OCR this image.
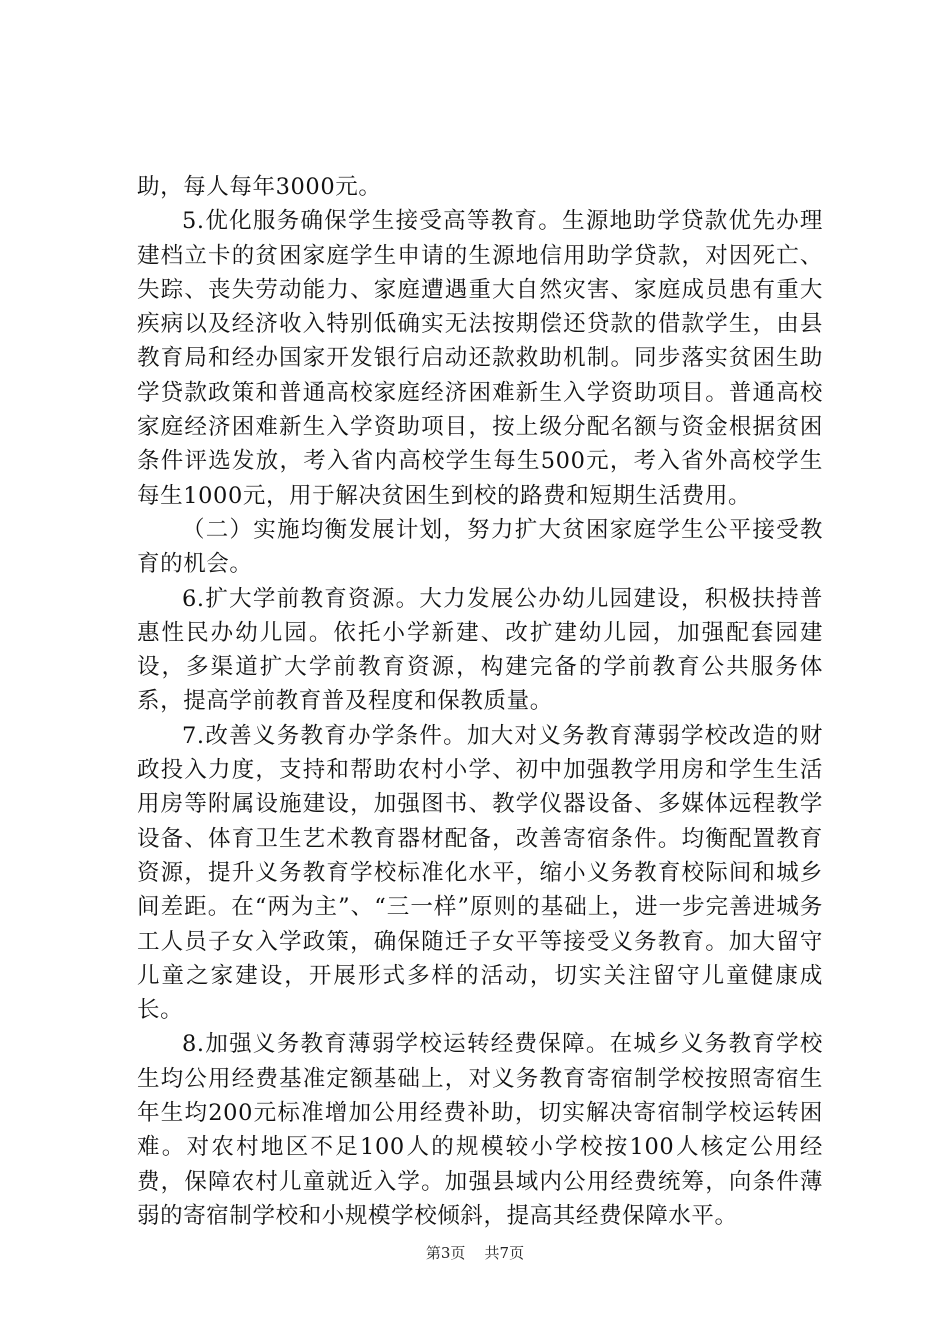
助，每人每年3000元。

5.优化服务确保学生接受高等教育。生源地助学贷款优先办理建档立卡的贫困家庭学生申请的生源地信用助学贷款，对因死亡、失踪、丧失劳动能力、家庭遭遇重大自然灾害、家庭成员患有重大疾病以及经济收入特别低确实无法按期偿还贷款的借款学生，由县教育局和经办国家开发银行启动还款救助机制。同步落实贫困生助学贷款政策和普通高校家庭经济困难新生入学资助项目。普通高校家庭经济困难新生入学资助项目，按上级分配名额与资金根据贫困条件评选发放，考入省内高校学生每生500元，考入省外高校学生每生1000元，用于解决贫困生到校的路费和短期生活费用。

（二）实施均衡发展计划，努力扩大贫困家庭学生公平接受教育的机会。

6.扩大学前教育资源。大力发展公办幼儿园建设，积极扶持普惠性民办幼儿园。依托小学新建、改扩建幼儿园，加强配套园建设，多渠道扩大学前教育资源，构建完备的学前教育公共服务体系，提高学前教育普及程度和保教质量。

7.改善义务教育办学条件。加大对义务教育薄弱学校改造的财政投入力度，支持和帮助农村小学、初中加强教学用房和学生生活用房等附属设施建设，加强图书、教学仪器设备、多媒体远程教学设备、体育卫生艺术教育器材配备，改善寄宿条件。均衡配置教育资源，提升义务教育学校标准化水平，缩小义务教育校际间和城乡间差距。在“两为主”、“三一样”原则的基础上，进一步完善进城务工人员子女入学政策，确保随迁子女平等接受义务教育。加大留守儿童之家建设，开展形式多样的活动，切实关注留守儿童健康成长。

8.加强义务教育薄弱学校运转经费保障。在城乡义务教育学校生均公用经费基准定额基础上，对义务教育寄宿制学校按照寄宿生年生均200元标准增加公用经费补助，切实解决寄宿制学校运转困难。对农村地区不足100人的规模较小学校按100人核定公用经费，保障农村儿童就近入学。加强县域内公用经费统筹，向条件薄弱的寄宿制学校和小规模学校倾斜，提高其经费保障水平。

第3页 共7页
